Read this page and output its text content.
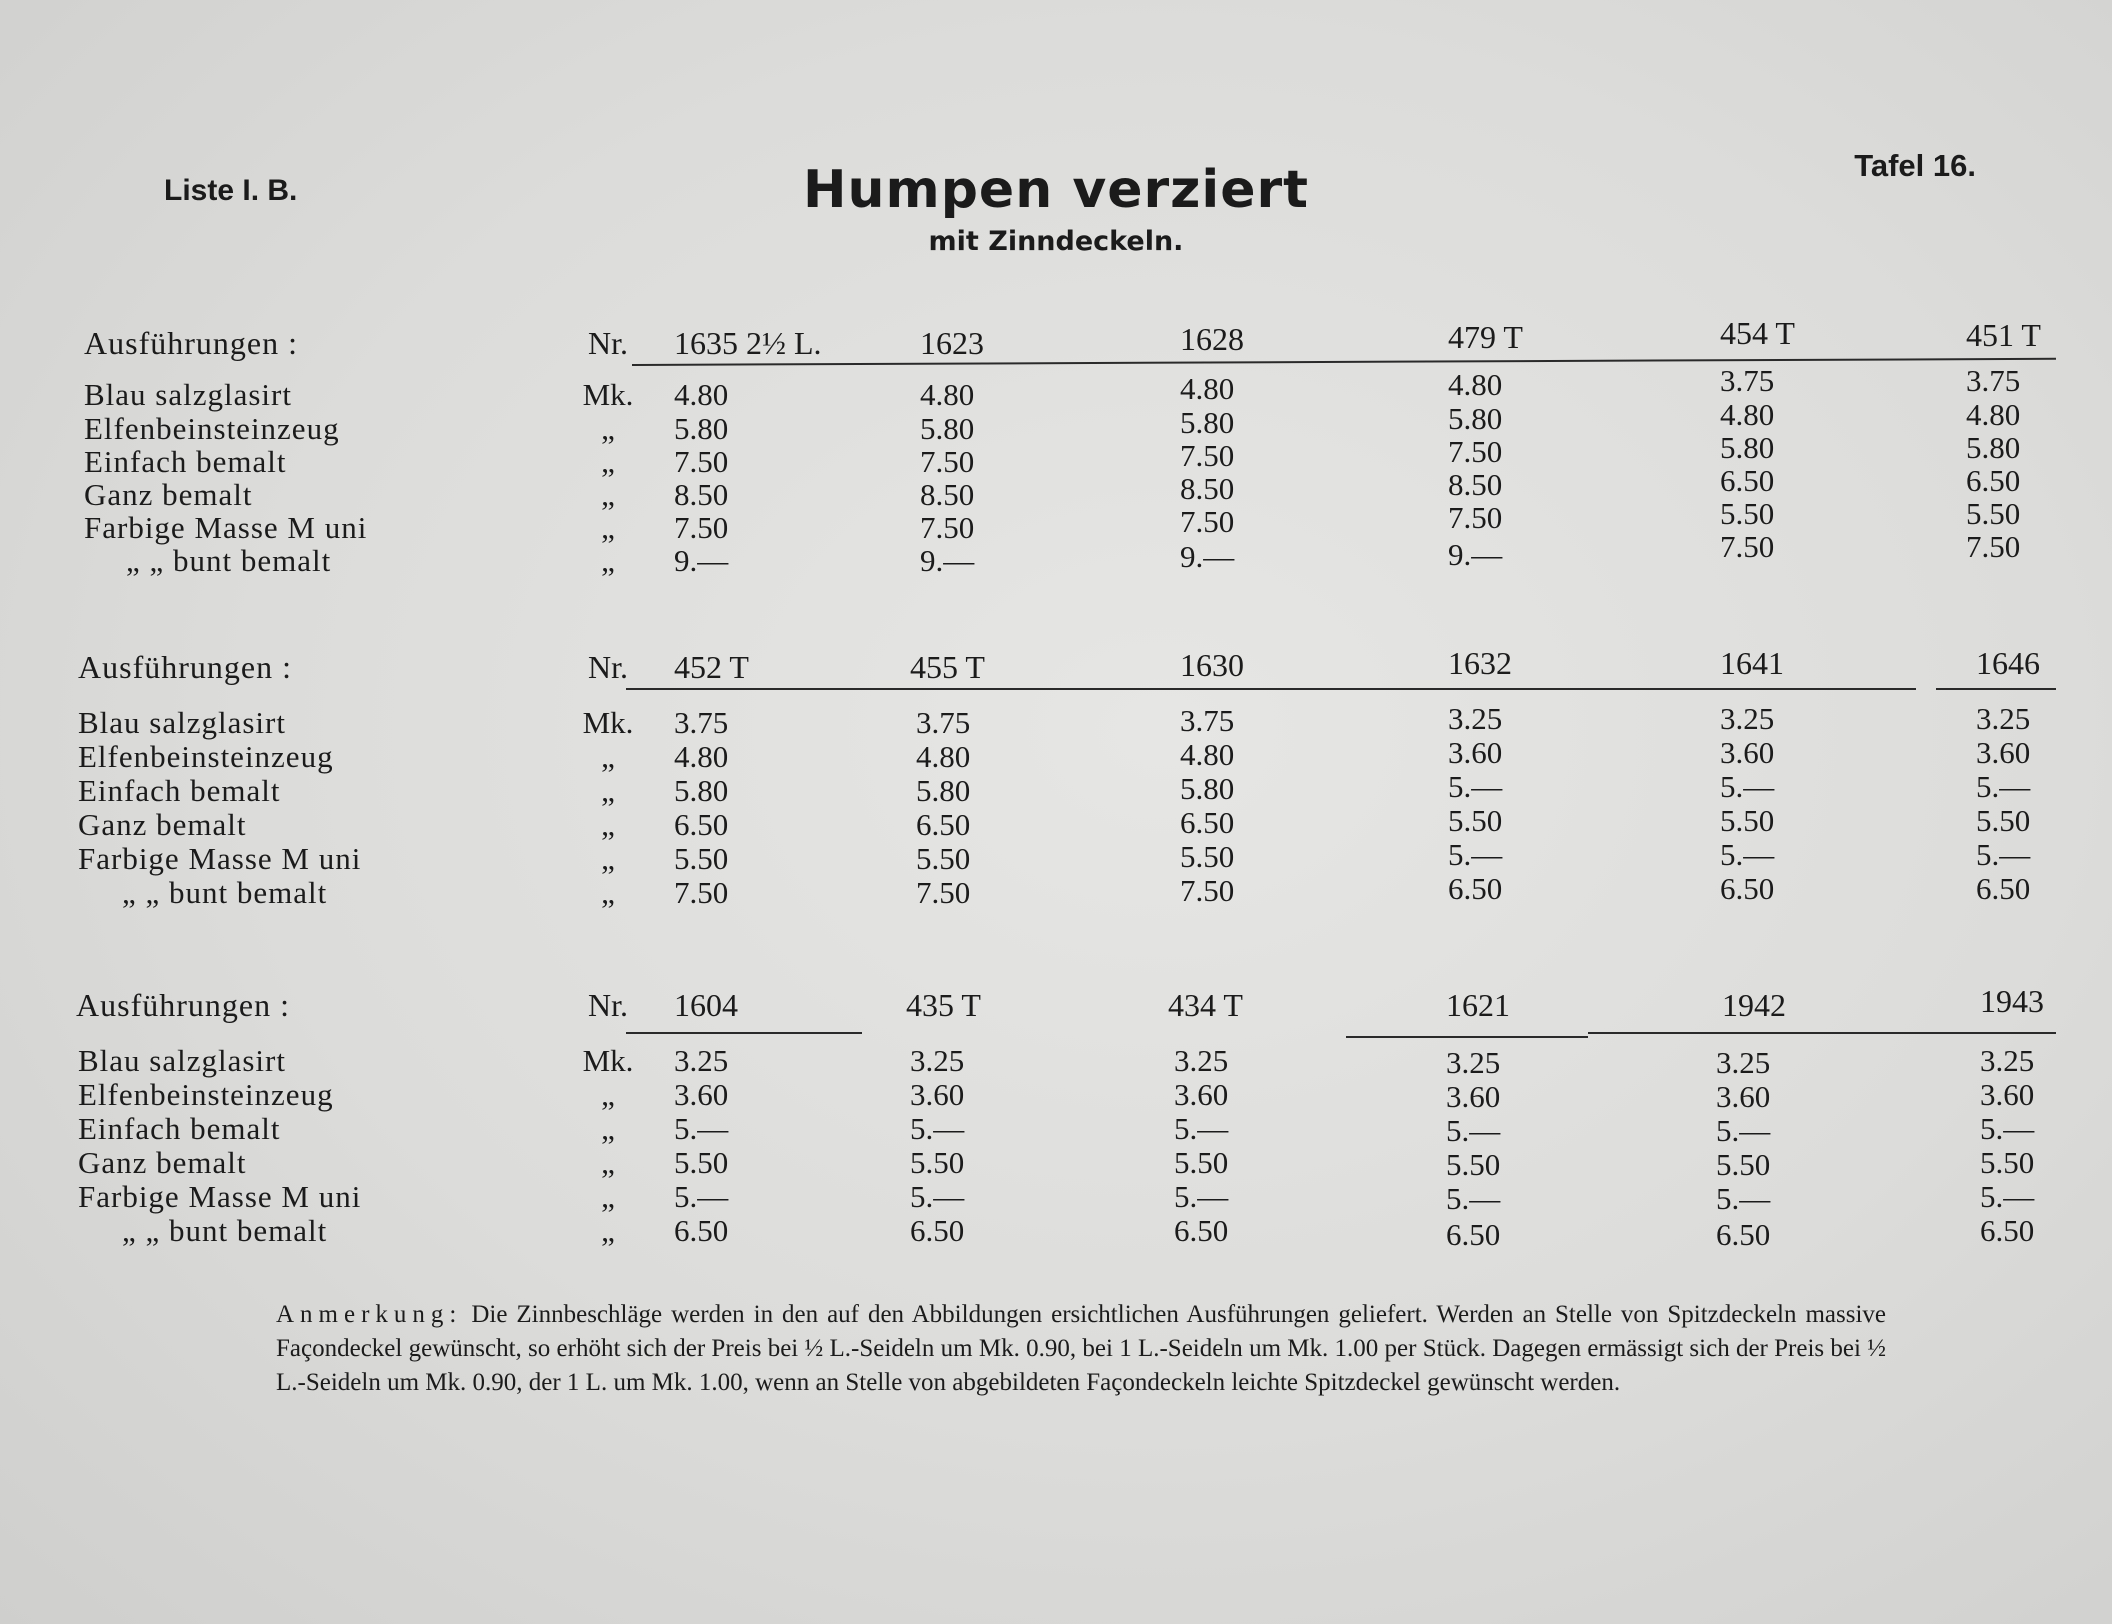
Liste I. B.	Humpen verziert
mit Zinndeckeln.
Tafel 16.
Ausführungen :	Nr.	1635 2½ L.	1623	1628	479 T	454 T	451 T
Blau salzglasirt	Mk. 4.80	4.80	4.80	4.80	3.75	3.75
Elfenbeinsteinzeug	„	5.80	5.80	5.80	5.80	4.80	4.80
Einfach bemalt	„	7.50	7.50	7.50	7.50	5.80	5.80
Ganz bemalt	„	8.50	8.50	8.50	8.50	6.50	6.50
Farbige Masse M uni	„	7.50	7.50	7.50	7.50	5.50	5.50
„ „ bunt bemalt	„	9.—	9.—	9.—	9.—	7.50	7.50
Ausführungen :	Nr.	452 T	455 T	1630	1632	1641	1646
Blau salzglasirt	Mk. 3.75	3.75	3.75	3.25	3.25	3.25
Elfenbeinsteinzeug	„	4.80	4.80	4.80	3.60	3.60	3.60
Einfach bemalt	„	5.80	5.80	5.80	5.—	5.—	5.—
Ganz bemalt	„	6.50	6.50	6.50	5.50	5.50	5.50
Farbige Masse M uni	„	5.50	5.50	5.50	5.—	5.—	5.—
„ „ bunt bemalt	„	7.50	7.50	7.50	6.50	6.50	6.50
Ausführungen :	Nr.	1604	435 T	434 T	1621	1942	1943
Blau salzglasirt	Mk. 3.25	3.25	3.25	3.25	3.25	3.25
Elfenbeinsteinzeug	„	3.60	3.60	3.60	3.60	3.60	3.60
Einfach bemalt	„	5.—	5.—	5.—	5.—	5.—	5.—
Ganz bemalt	„	5.50	5.50	5.50	5.50	5.50	5.50
Farbige Masse M uni	„	5.—	5.—	5.—	5.—	5.—	5.—
„ „ bunt bemalt	„	6.50	6.50	6.50	6.50	6.50	6.50
Anmerkung: Die Zinnbeschläge werden in den auf den Abbildungen ersichtlichen Ausführungen geliefert. Werden an Stelle von Spitzdeckeln massive Façondeckel gewünscht, so erhöht sich der Preis bei ½ L.-Seideln um Mk. 0.90, bei 1 L.-Seideln um Mk. 1.00 per Stück. Dagegen ermässigt sich der Preis bei ½ L.-Seideln um Mk. 0.90, der 1 L. um Mk. 1.00, wenn an Stelle von abgebildeten Façondeckeln leichte Spitzdeckel gewünscht werden.
